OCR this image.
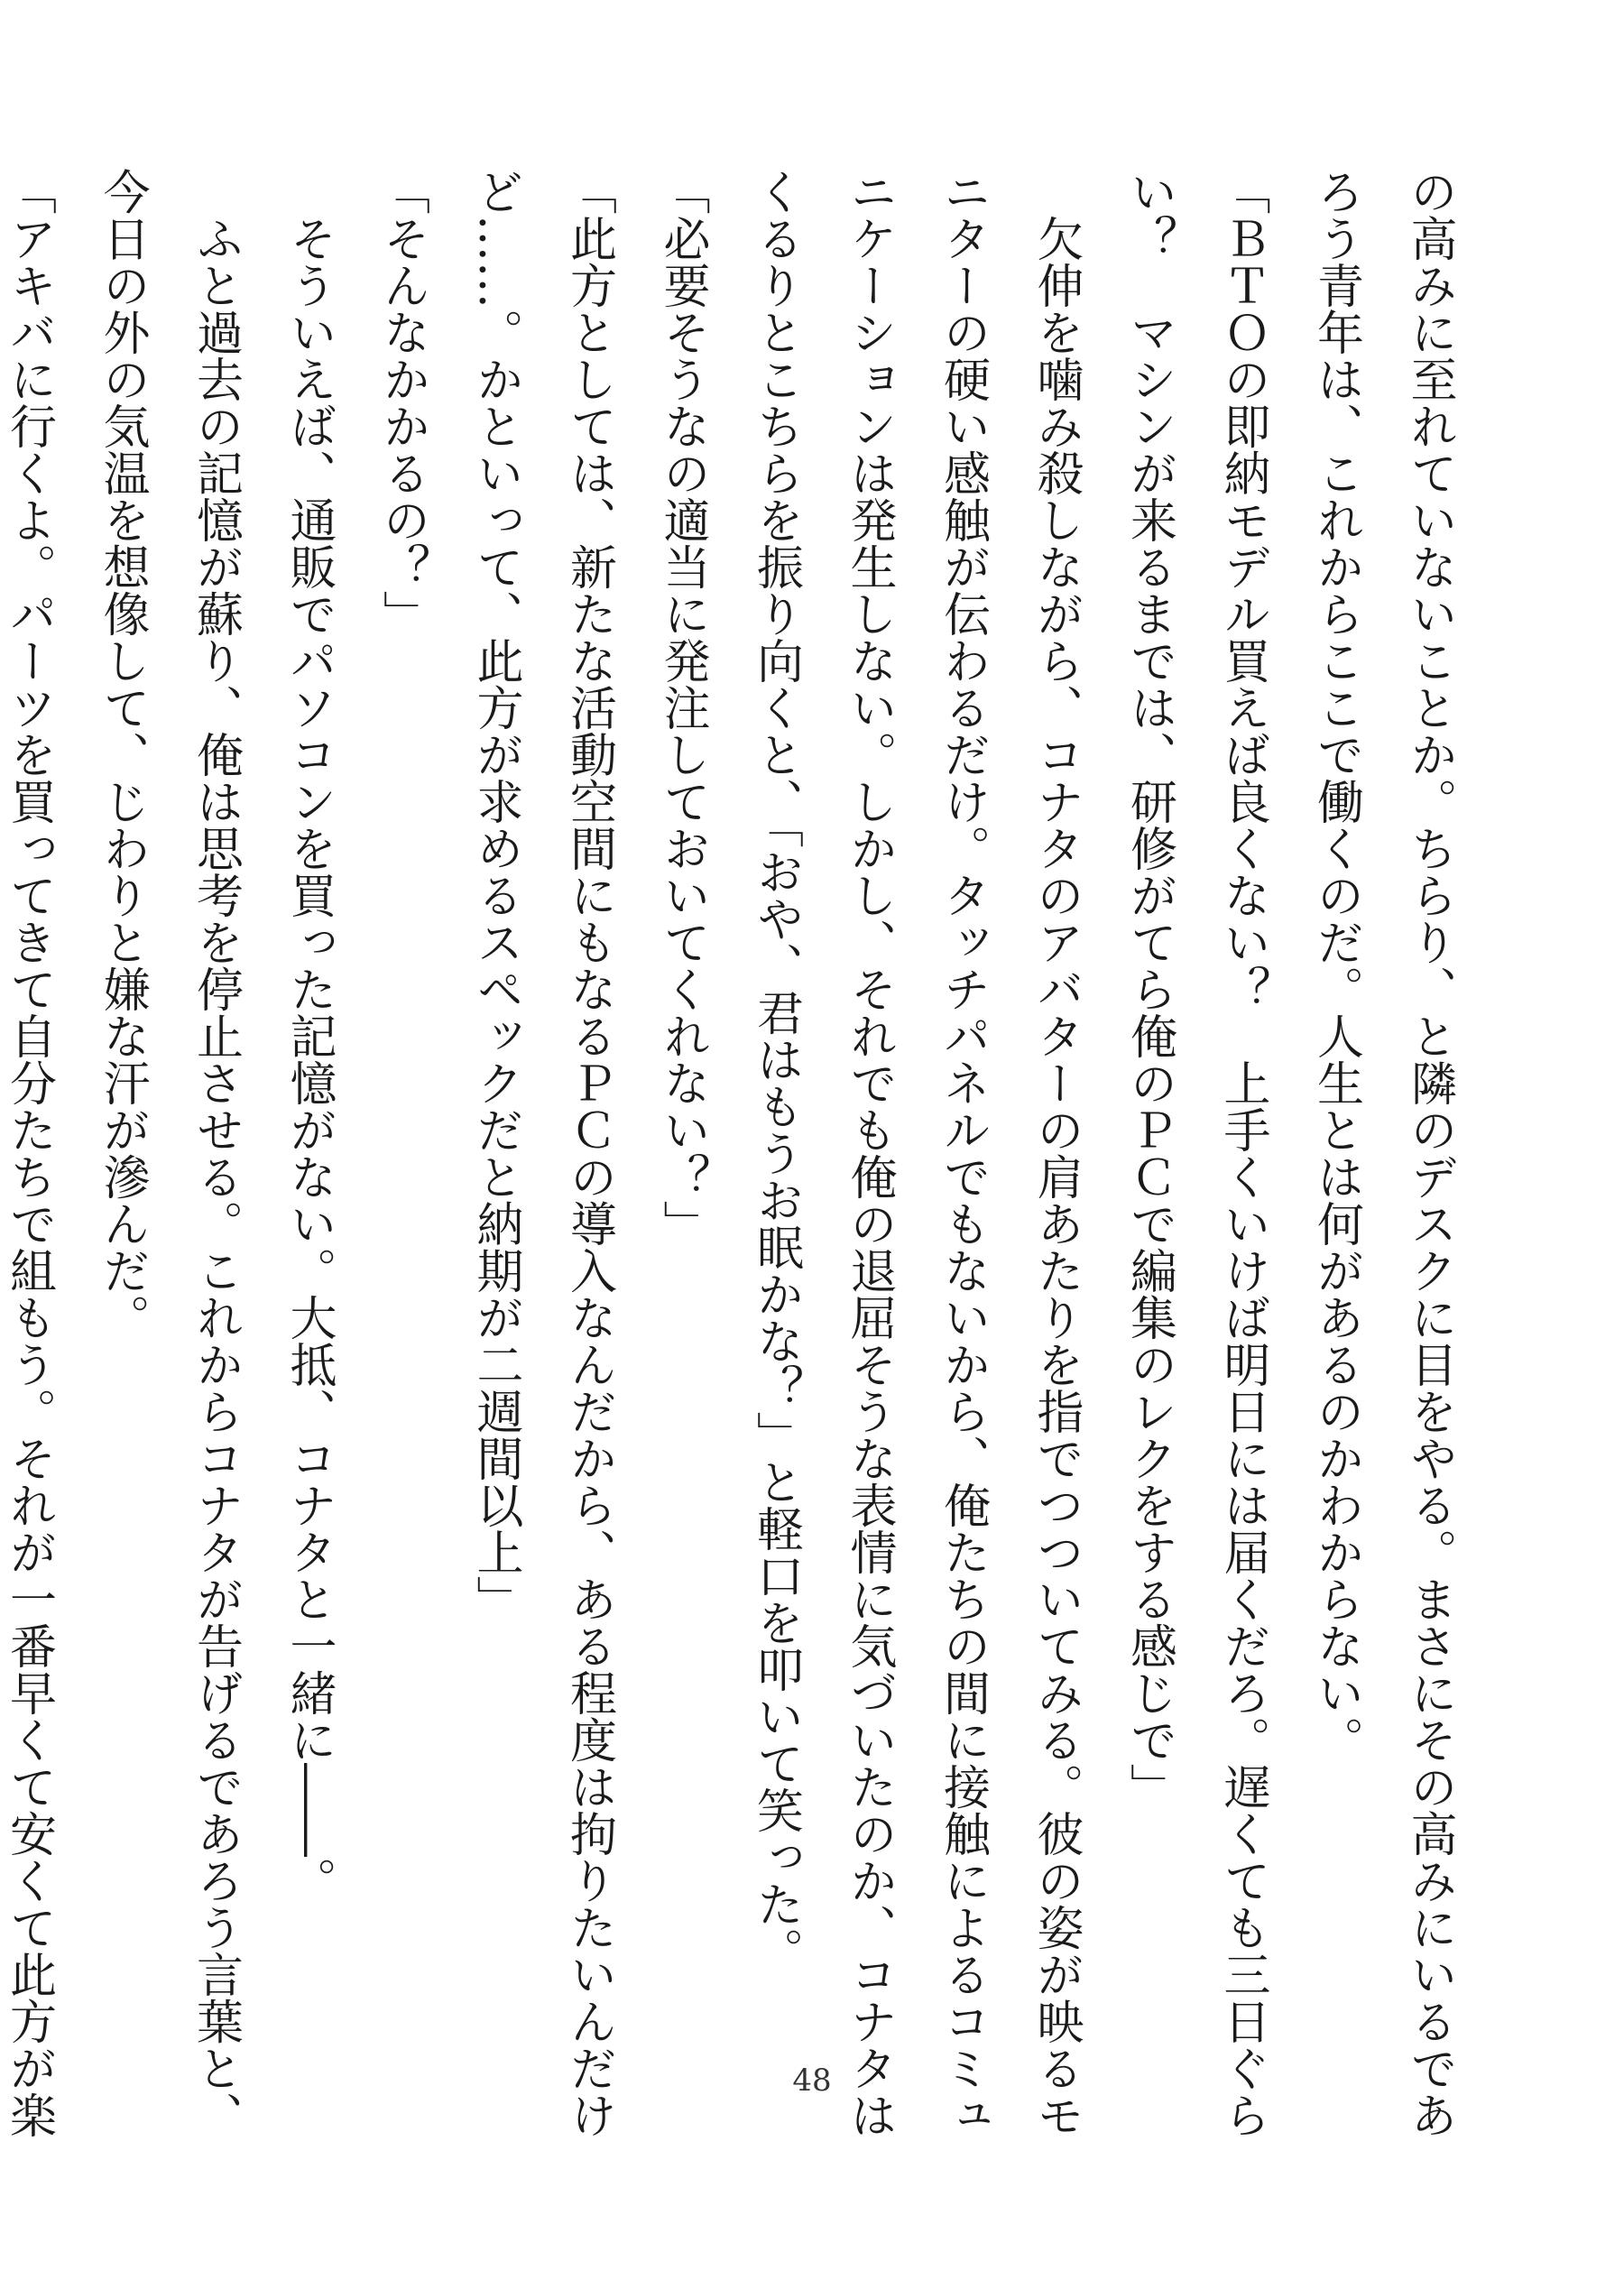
の高みに至れていないことか。ちらり、と隣のデスクに目をやる。まさにその高みにいるであ
ろう青年は、これからここで働くのだ。人生とは何があるのかわからない。
「ＢＴＯの即納モデル買えば良くない？　上手くいけば明日には届くだろ。遅くても三日ぐら
い？　マシンが来るまでは、研修がてら俺のＰＣで編集のレクをする感じで」
　欠伸を噛み殺しながら、コナタのアバターの肩あたりを指でつついてみる。彼の姿が映るモ
ニターの硬い感触が伝わるだけ。タッチパネルでもないから、俺たちの間に接触によるコミュ
ニケーションは発生しない。しかし、それでも俺の退屈そうな表情に気づいたのか、コナタは
くるりとこちらを振り向くと、「おや、君はもうお眠かな？」と軽口を叩いて笑った。
「必要そうなの適当に発注しておいてくれない？」
「此方としては、新たな活動空間にもなるＰＣの導入なんだから、ある程度は拘りたいんだけ
ど……。かといって、此方が求めるスペックだと納期が二週間以上」
「そんなかかるの？」
　そういえば、通販でパソコンを買った記憶がない。大抵、コナタと一緒に――。
　ふと過去の記憶が蘇り、俺は思考を停止させる。これからコナタが告げるであろう言葉と、
今日の外の気温を想像して、じわりと嫌な汗が滲んだ。
「アキバに行くよ。パーツを買ってきて自分たちで組もう。それが一番早くて安くて此方が楽	48
